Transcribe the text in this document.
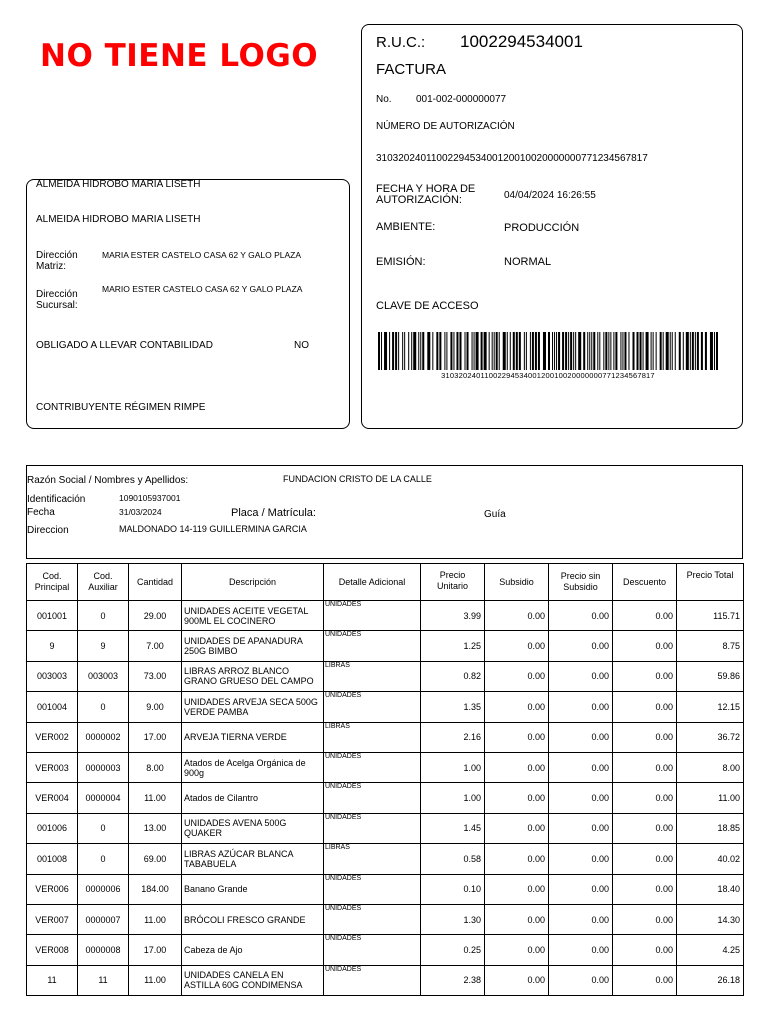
NO TIENE LOGO	R.U.C.: 1002294534001
FACTURA
No. 001-002-000000077
NÚMERO DE AUTORIZACIÓN
3103202401100229453400120010020000000771234567817
FECHA Y HORA DE
AUTORIZACIÓN:	04/04/2024 16:26:55
AMBIENTE:	PRODUCCIÓN
EMISIÓN:	NORMAL
CLAVE DE ACCESO
3103202401100229453400120010020000000771234567817
ALMEIDA HIDROBO MARIA LISETH
ALMEIDA HIDROBO MARIA LISETH
Dirección
Matriz:
MARIA ESTER CASTELO CASA 62 Y GALO PLAZA
Dirección
Sucursal:
MARIO ESTER CASTELO CASA 62 Y GALO PLAZA
OBLIGADO A LLEVAR CONTABILIDAD	NO
CONTRIBUYENTE RÉGIMEN RIMPE
Razón Social / Nombres y Apellidos:	FUNDACION CRISTO DE LA CALLE
Identificación	1090105937001
Fecha	31/03/2024	Placa / Matrícula:	Guía
Direccion	MALDONADO 14-119 GUILLERMINA GARCIA
Cod.
Principal	Cod.
Auxiliar	Cantidad	Descripción	Detalle Adicional	Precio Unitario	Subsidio	Precio sin
Subsidio	Descuento	Precio Total
001001	0	29.00	UNIDADES ACEITE VEGETAL
900ML EL COCINERO	UNIDADES	3.99	0.00	0.00	0.00	115.71
9	9	7.00	UNIDADES DE APANADURA
250G BIMBO	UNIDADES	1.25	0.00	0.00	0.00	8.75
003003	003003	73.00	LIBRAS ARROZ BLANCO
GRANO GRUESO DEL CAMPO	LIBRAS	0.82	0.00	0.00	0.00	59.86
001004	0	9.00	UNIDADES ARVEJA SECA 500G
VERDE PAMBA	UNIDADES	1.35	0.00	0.00	0.00	12.15
VER002	0000002	17.00	ARVEJA TIERNA VERDE	LIBRAS	2.16	0.00	0.00	0.00	36.72
VER003	0000003	8.00	Atados de Acelga Orgánica de
900g	UNIDADES	1.00	0.00	0.00	0.00	8.00
VER004	0000004	11.00	Atados de Cilantro	UNIDADES	1.00	0.00	0.00	0.00	11.00
001006	0	13.00	UNIDADES AVENA 500G
QUAKER	UNIDADES	1.45	0.00	0.00	0.00	18.85
001008	0	69.00	LIBRAS AZÚCAR BLANCA
TABABUELA	LIBRAS	0.58	0.00	0.00	0.00	40.02
VER006	0000006	184.00	Banano Grande	UNIDADES	0.10	0.00	0.00	0.00	18.40
VER007	0000007	11.00	BRÓCOLI FRESCO GRANDE	UNIDADES	1.30	0.00	0.00	0.00	14.30
VER008	0000008	17.00	Cabeza de Ajo	UNIDADES	0.25	0.00	0.00	0.00	4.25
11	11	11.00	UNIDADES CANELA EN
ASTILLA 60G CONDIMENSA	UNIDADES	2.38	0.00	0.00	0.00	26.18
